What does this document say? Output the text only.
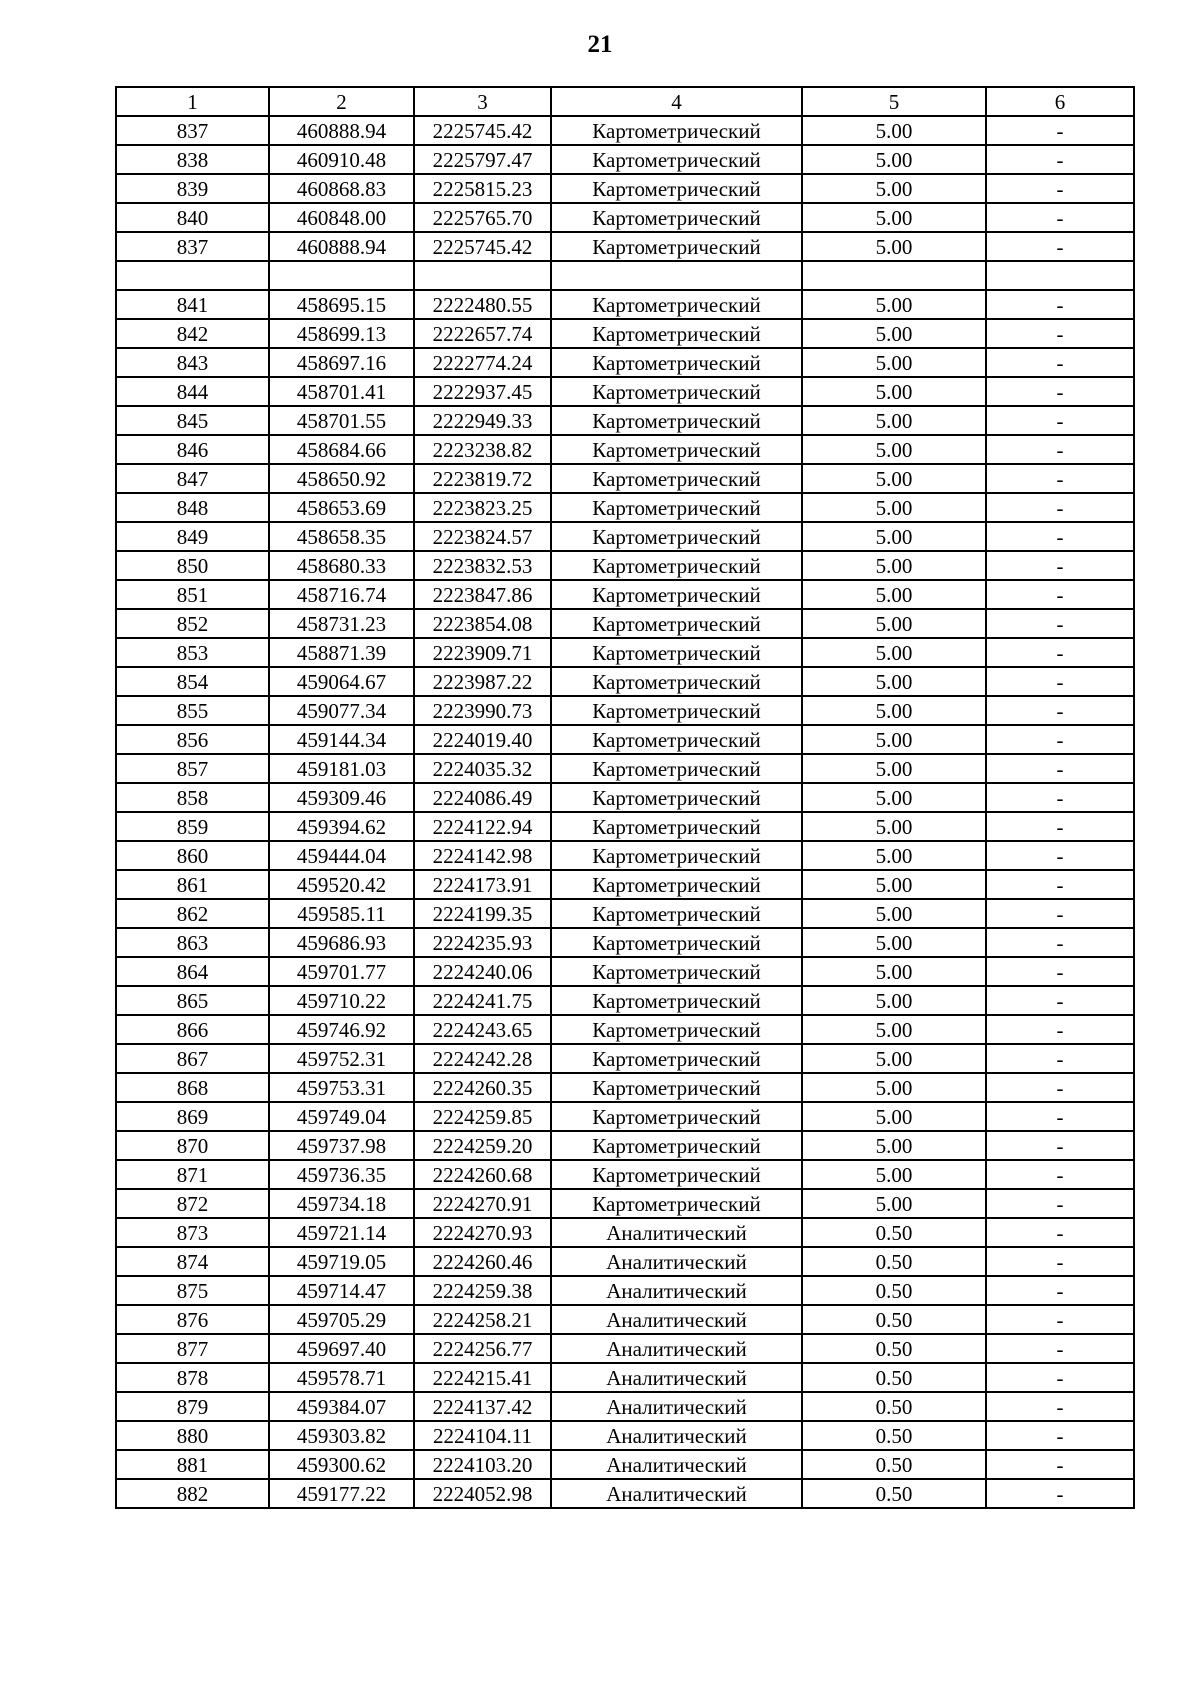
21
1	2	3	4	5	6
837	460888.94	2225745.42	Картометрический	5.00	-
838	460910.48	2225797.47	Картометрический	5.00	-
839	460868.83	2225815.23	Картометрический	5.00	-
840	460848.00	2225765.70	Картометрический	5.00	-
837	460888.94	2225745.42	Картометрический	5.00	-

841	458695.15	2222480.55	Картометрический	5.00	-
842	458699.13	2222657.74	Картометрический	5.00	-
843	458697.16	2222774.24	Картометрический	5.00	-
844	458701.41	2222937.45	Картометрический	5.00	-
845	458701.55	2222949.33	Картометрический	5.00	-
846	458684.66	2223238.82	Картометрический	5.00	-
847	458650.92	2223819.72	Картометрический	5.00	-
848	458653.69	2223823.25	Картометрический	5.00	-
849	458658.35	2223824.57	Картометрический	5.00	-
850	458680.33	2223832.53	Картометрический	5.00	-
851	458716.74	2223847.86	Картометрический	5.00	-
852	458731.23	2223854.08	Картометрический	5.00	-
853	458871.39	2223909.71	Картометрический	5.00	-
854	459064.67	2223987.22	Картометрический	5.00	-
855	459077.34	2223990.73	Картометрический	5.00	-
856	459144.34	2224019.40	Картометрический	5.00	-
857	459181.03	2224035.32	Картометрический	5.00	-
858	459309.46	2224086.49	Картометрический	5.00	-
859	459394.62	2224122.94	Картометрический	5.00	-
860	459444.04	2224142.98	Картометрический	5.00	-
861	459520.42	2224173.91	Картометрический	5.00	-
862	459585.11	2224199.35	Картометрический	5.00	-
863	459686.93	2224235.93	Картометрический	5.00	-
864	459701.77	2224240.06	Картометрический	5.00	-
865	459710.22	2224241.75	Картометрический	5.00	-
866	459746.92	2224243.65	Картометрический	5.00	-
867	459752.31	2224242.28	Картометрический	5.00	-
868	459753.31	2224260.35	Картометрический	5.00	-
869	459749.04	2224259.85	Картометрический	5.00	-
870	459737.98	2224259.20	Картометрический	5.00	-
871	459736.35	2224260.68	Картометрический	5.00	-
872	459734.18	2224270.91	Картометрический	5.00	-
873	459721.14	2224270.93	Аналитический	0.50	-
874	459719.05	2224260.46	Аналитический	0.50	-
875	459714.47	2224259.38	Аналитический	0.50	-
876	459705.29	2224258.21	Аналитический	0.50	-
877	459697.40	2224256.77	Аналитический	0.50	-
878	459578.71	2224215.41	Аналитический	0.50	-
879	459384.07	2224137.42	Аналитический	0.50	-
880	459303.82	2224104.11	Аналитический	0.50	-
881	459300.62	2224103.20	Аналитический	0.50	-
882	459177.22	2224052.98	Аналитический	0.50	-
